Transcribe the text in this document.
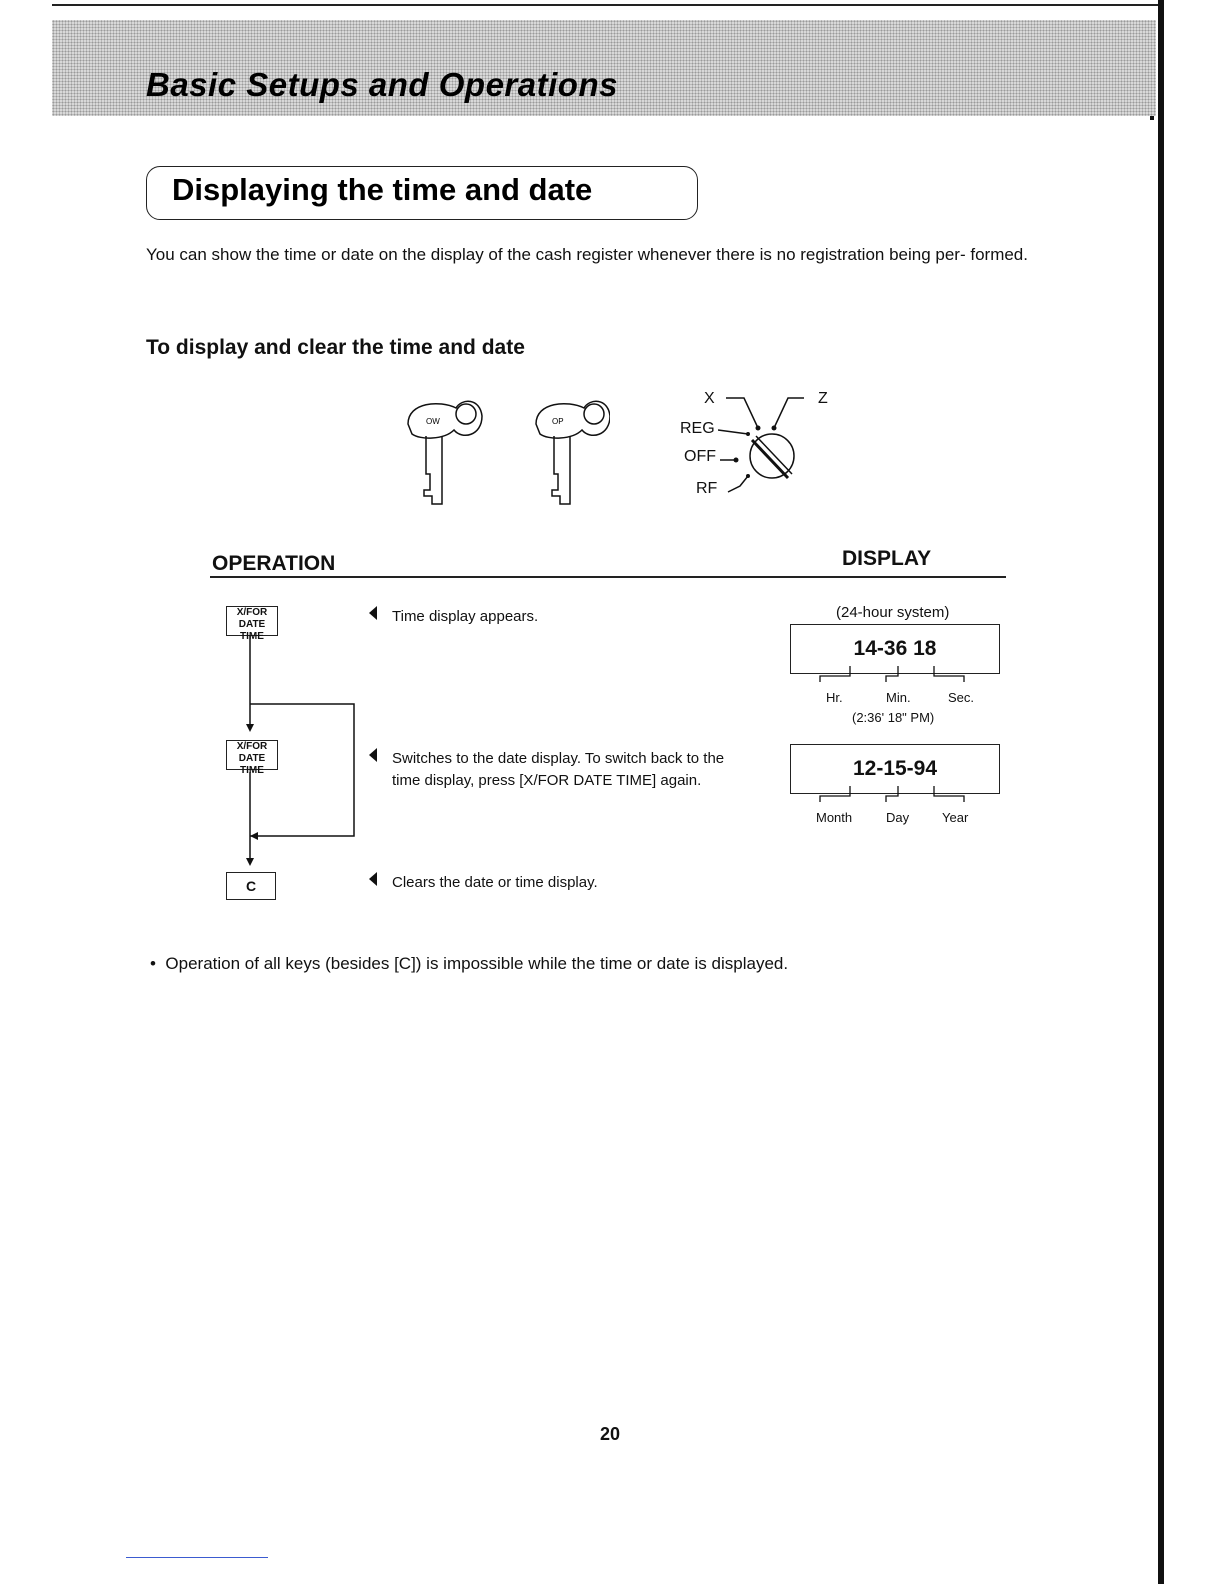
Basic Setups and Operations
Displaying the time and date
You can show the time or date on the display of the cash register whenever there is no registration being per- formed.
To display and clear the time and date
OW	OP
X	Z
REG
OFF
RF
OPERATION	DISPLAY
X/FOR DATE TIME
Time display appears.	(24-hour system)
14-36 18
Hr.	Min.	Sec.
(2:36' 18" PM)
X/FOR DATE TIME
Switches to the date display. To switch back to the time display, press [X/FOR DATE TIME] again.
12-15-94
Month	Day	Year
C	Clears the date or time display.
•  Operation of all keys (besides [C]) is impossible while the time or date is displayed.
20
